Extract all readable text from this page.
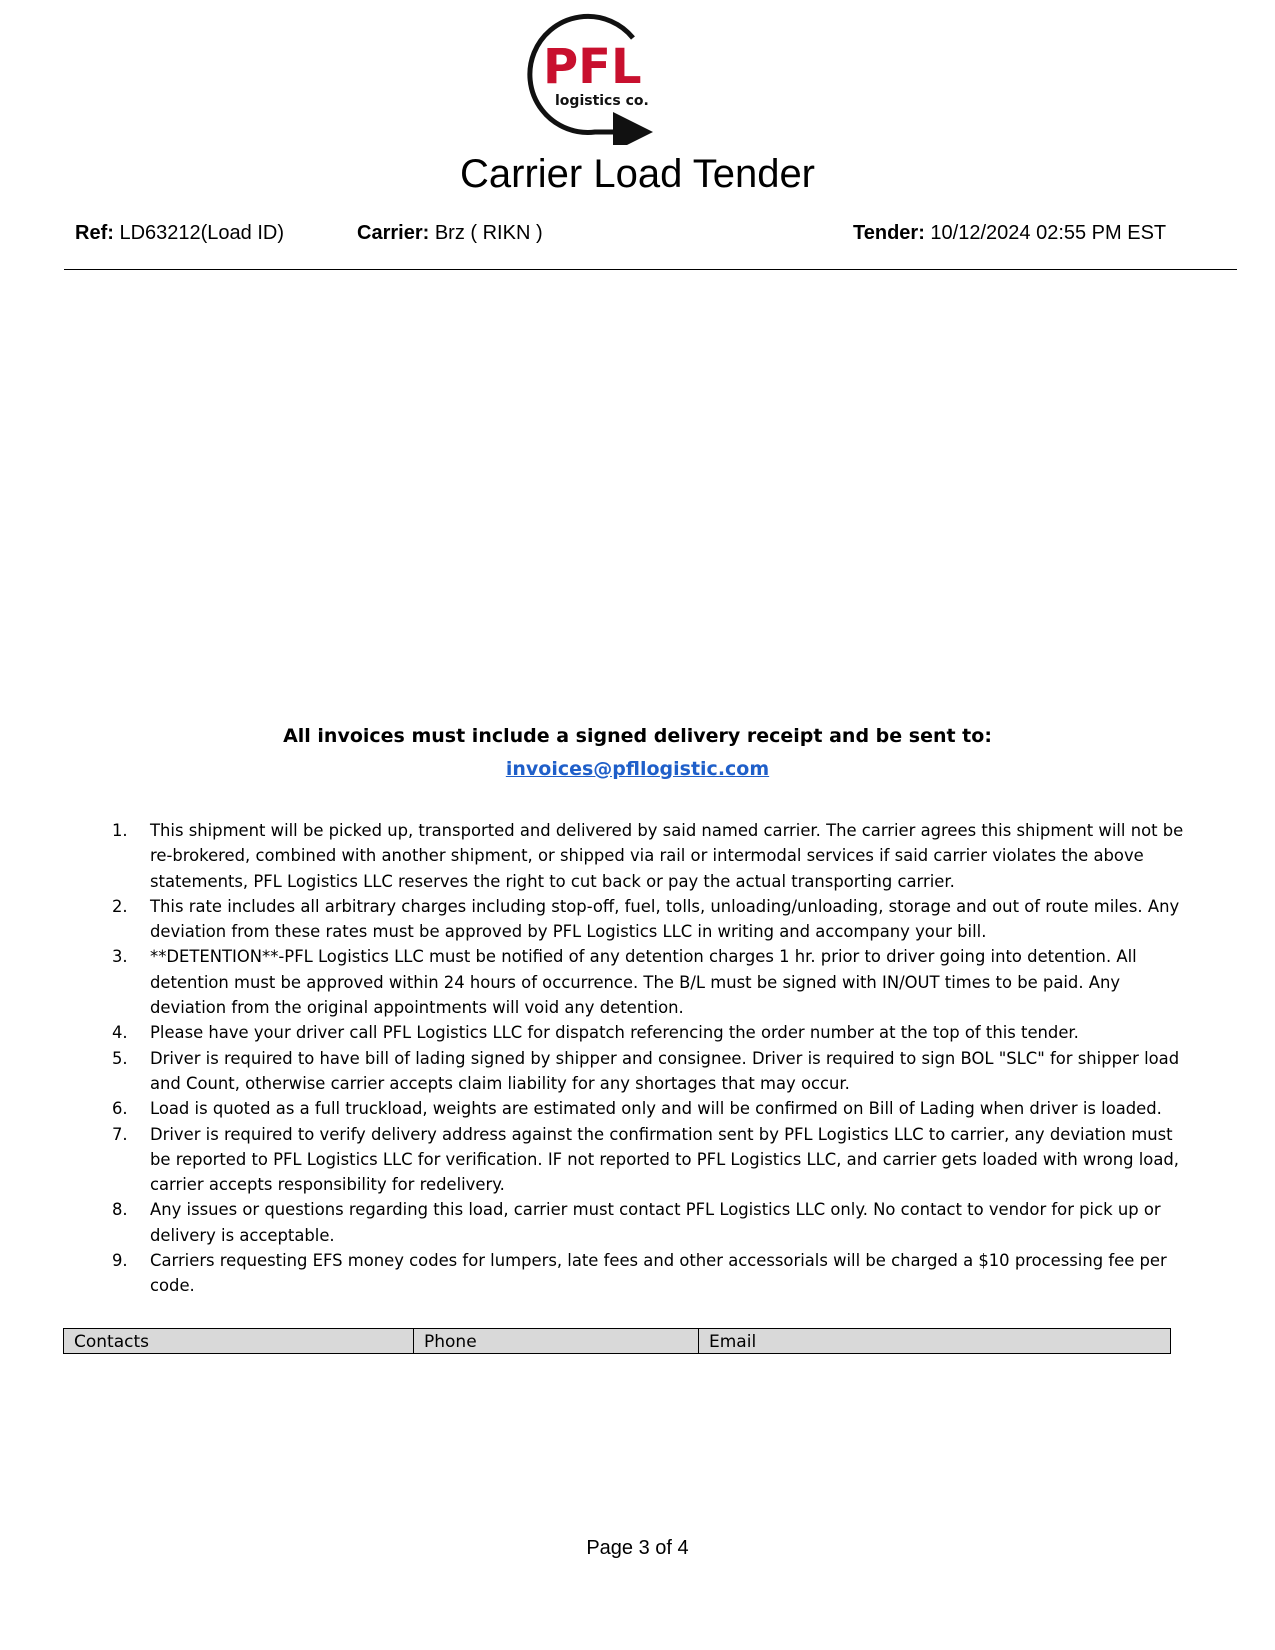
PFL
logistics co.
Carrier Load Tender
Ref: LD63212(Load ID)	Carrier: Brz ( RIKN )	Tender: 10/12/2024 02:55 PM EST
All invoices must include a signed delivery receipt and be sent to:
invoices@pfllogistic.com
1. This shipment will be picked up, transported and delivered by said named carrier. The carrier agrees this shipment will not be re-brokered, combined with another shipment, or shipped via rail or intermodal services if said carrier violates the above statements, PFL Logistics LLC reserves the right to cut back or pay the actual transporting carrier.
2. This rate includes all arbitrary charges including stop-off, fuel, tolls, unloading/unloading, storage and out of route miles. Any deviation from these rates must be approved by PFL Logistics LLC in writing and accompany your bill.
3. **DETENTION**-PFL Logistics LLC must be notified of any detention charges 1 hr. prior to driver going into detention. All detention must be approved within 24 hours of occurrence. The B/L must be signed with IN/OUT times to be paid. Any deviation from the original appointments will void any detention.
4. Please have your driver call PFL Logistics LLC for dispatch referencing the order number at the top of this tender.
5. Driver is required to have bill of lading signed by shipper and consignee. Driver is required to sign BOL "SLC" for shipper load and Count, otherwise carrier accepts claim liability for any shortages that may occur.
6. Load is quoted as a full truckload, weights are estimated only and will be confirmed on Bill of Lading when driver is loaded.
7. Driver is required to verify delivery address against the confirmation sent by PFL Logistics LLC to carrier, any deviation must be reported to PFL Logistics LLC for verification. IF not reported to PFL Logistics LLC, and carrier gets loaded with wrong load, carrier accepts responsibility for redelivery.
8. Any issues or questions regarding this load, carrier must contact PFL Logistics LLC only. No contact to vendor for pick up or delivery is acceptable.
9. Carriers requesting EFS money codes for lumpers, late fees and other accessorials will be charged a $10 processing fee per code.
Contacts	Phone	Email
Page 3 of 4
